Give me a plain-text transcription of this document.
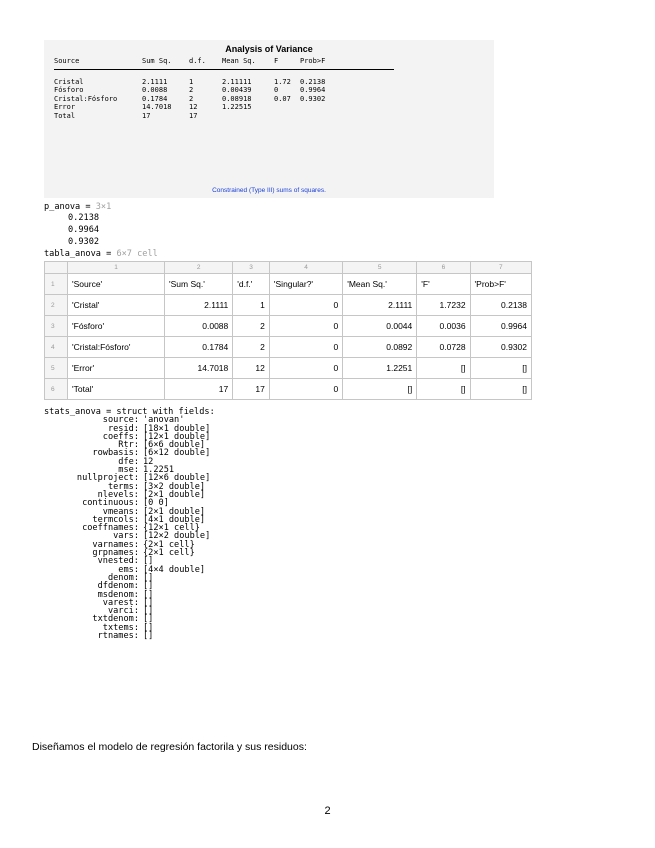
Analysis of Variance
Source	Sum Sq. d.f. Mean Sq.	F	Prob>F
Cristal	2.1111	1	2.11111	1.72 0.2138
Fósforo	0.0088	2	0.00439	0	0.9964
Cristal:Fósforo	0.1784	2	0.08918	0.07 0.9302
Error	14.7018 12	1.22515
Total	17	17
Constrained (Type III) sums of squares.
p_anova = 3×1
0.2138
0.9964
0.9302
tabla_anova = 6×7 cell
	1	2	3	4	5	6	7
1	'Source'	'Sum Sq.'	'd.f.'	'Singular?'	'Mean Sq.'	'F'	'Prob>F'
2	'Cristal'	2.1111	1	0	2.1111	1.7232	0.2138
3	'Fósforo'	0.0088	2	0	0.0044	0.0036	0.9964
4	'Cristal:Fósforo'	0.1784	2	0	0.0892	0.0728	0.9302
5	'Error'	14.7018	12	0	1.2251	[]	[]
6	'Total'	17	17	0	[]	[]	[]
stats_anova = struct with fields:
source: 'anovan'
resid: [18×1 double]
coeffs: [12×1 double]
Rtr: [6×6 double]
rowbasis: [6×12 double]
dfe: 12
mse: 1.2251
nullproject: [12×6 double]
terms: [3×2 double]
nlevels: [2×1 double]
continuous: [0 0]
vmeans: [2×1 double]
termcols: [4×1 double]
coeffnames: {12×1 cell}
vars: [12×2 double]
varnames: {2×1 cell}
grpnames: {2×1 cell}
vnested: []
ems: [4×4 double]
denom: []
dfdenom: []
msdenom: []
varest: []
varci: []
txtdenom: []
txtems: []
rtnames: []
Diseñamos el modelo de regresión factorila y sus residuos:
2
